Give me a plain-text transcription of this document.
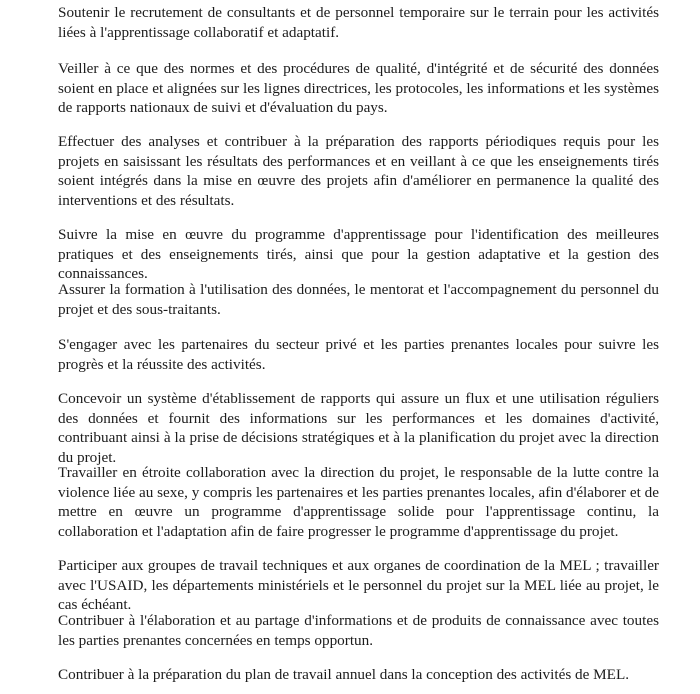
Soutenir le recrutement de consultants et de personnel temporaire sur le terrain pour les activités liées à l'apprentissage collaboratif et adaptatif.

Veiller à ce que des normes et des procédures de qualité, d'intégrité et de sécurité des données soient en place et alignées sur les lignes directrices, les protocoles, les informations et les systèmes de rapports nationaux de suivi et d'évaluation du pays.

Effectuer des analyses et contribuer à la préparation des rapports périodiques requis pour les projets en saisissant les résultats des performances et en veillant à ce que les enseignements tirés soient intégrés dans la mise en œuvre des projets afin d'améliorer en permanence la qualité des interventions et des résultats.

Suivre la mise en œuvre du programme d'apprentissage pour l'identification des meilleures pratiques et des enseignements tirés, ainsi que pour la gestion adaptative et la gestion des connaissances.

Assurer la formation à l'utilisation des données, le mentorat et l'accompagnement du personnel du projet et des sous-traitants.

S'engager avec les partenaires du secteur privé et les parties prenantes locales pour suivre les progrès et la réussite des activités.

Concevoir un système d'établissement de rapports qui assure un flux et une utilisation réguliers des données et fournit des informations sur les performances et les domaines d'activité, contribuant ainsi à la prise de décisions stratégiques et à la planification du projet avec la direction du projet.

Travailler en étroite collaboration avec la direction du projet, le responsable de la lutte contre la violence liée au sexe, y compris les partenaires et les parties prenantes locales, afin d'élaborer et de mettre en œuvre un programme d'apprentissage solide pour l'apprentissage continu, la collaboration et l'adaptation afin de faire progresser le programme d'apprentissage du projet.

Participer aux groupes de travail techniques et aux organes de coordination de la MEL ; travailler avec l'USAID, les départements ministériels et le personnel du projet sur la MEL liée au projet, le cas échéant.

Contribuer à l'élaboration et au partage d'informations et de produits de connaissance avec toutes les parties prenantes concernées en temps opportun.

Contribuer à la préparation du plan de travail annuel dans la conception des activités de MEL.
